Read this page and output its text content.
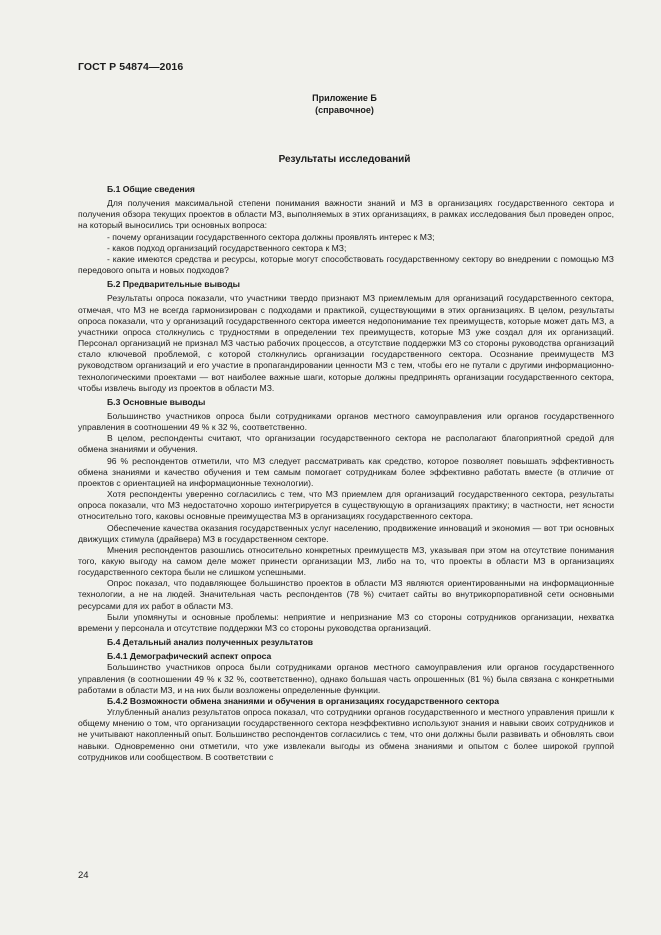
ГОСТ Р 54874—2016
Приложение Б
(справочное)
Результаты исследований
Б.1 Общие сведения

Для получения максимальной степени понимания важности знаний и МЗ в организациях государственного сектора и получения обзора текущих проектов в области МЗ, выполняемых в этих организациях, в рамках исследования был проведен опрос, на который выносились три основных вопроса:

- почему организации государственного сектора должны проявлять интерес к МЗ;
- каков подход организаций государственного сектора к МЗ;
- какие имеются средства и ресурсы, которые могут способствовать государственному сектору во внедрении с помощью МЗ передового опыта и новых подходов?
Б.2 Предварительные выводы

Результаты опроса показали, что участники твердо признают МЗ приемлемым для организаций государственного сектора, отмечая, что МЗ не всегда гармонизирован с подходами и практикой, существующими в этих организациях. В целом, результаты опроса показали, что у организаций государственного сектора имеется недопонимание тех преимуществ, которые может дать МЗ, а участники опроса столкнулись с трудностями в определении тех преимуществ, которые МЗ уже создал для их организаций. Персонал организаций не признал МЗ частью рабочих процессов, а отсутствие поддержки МЗ со стороны руководства организаций стало ключевой проблемой, с которой столкнулись организации государственного сектора. Осознание преимуществ МЗ руководством организаций и его участие в пропагандировании ценности МЗ с тем, чтобы его не путали с другими информационно-технологическими проектами — вот наиболее важные шаги, которые должны предпринять организации государственного сектора, чтобы извлечь выгоду из проектов в области МЗ.

Б.3 Основные выводы

Большинство участников опроса были сотрудниками органов местного самоуправления или органов государственного управления в соотношении 49 % к 32 %, соответственно.

В целом, респонденты считают, что организации государственного сектора не располагают благоприятной средой для обмена знаниями и обучения.

96 % респондентов отметили, что МЗ следует рассматривать как средство, которое позволяет повышать эффективность обмена знаниями и качество обучения и тем самым помогает сотрудникам более эффективно работать вместе (в отличие от проектов с ориентацией на информационные технологии).

Хотя респонденты уверенно согласились с тем, что МЗ приемлем для организаций государственного сектора, результаты опроса показали, что МЗ недостаточно хорошо интегрируется в существующую в организациях практику; в частности, нет ясности относительно того, каковы основные преимущества МЗ в организациях государственного сектора.

Обеспечение качества оказания государственных услуг населению, продвижение инноваций и экономия — вот три основных движущих стимула (драйвера) МЗ в государственном секторе.

Мнения респондентов разошлись относительно конкретных преимуществ МЗ, указывая при этом на отсутствие понимания того, какую выгоду на самом деле может принести организации МЗ, либо на то, что проекты в области МЗ в организациях государственного сектора были не слишком успешными.

Опрос показал, что подавляющее большинство проектов в области МЗ являются ориентированными на информационные технологии, а не на людей. Значительная часть респондентов (78 %) считает сайты во внутрикорпоративной сети основными ресурсами для их работ в области МЗ.

Были упомянуты и основные проблемы: неприятие и непризнание МЗ со стороны сотрудников организации, нехватка времени у персонала и отсутствие поддержки МЗ со стороны руководства организаций.

Б.4 Детальный анализ полученных результатов
Б.4.1 Демографический аспект опроса

Большинство участников опроса были сотрудниками органов местного самоуправления или органов государственного управления (в соотношении 49 % к 32 %, соответственно), однако большая часть опрошенных (81 %) была связана с конкретными работами в области МЗ, и на них были возложены определенные функции.

Б.4.2 Возможности обмена знаниями и обучения в организациях государственного сектора

Углубленный анализ результатов опроса показал, что сотрудники органов государственного и местного управления пришли к общему мнению о том, что организации государственного сектора неэффективно используют знания и навыки своих сотрудников и не учитывают накопленный опыт. Большинство респондентов согласились с тем, что они должны были развивать и обновлять свои навыки. Одновременно они отметили, что уже извлекали выгоды из обмена знаниями и опытом с более широкой группой сотрудников или сообществом. В соответствии с

24
